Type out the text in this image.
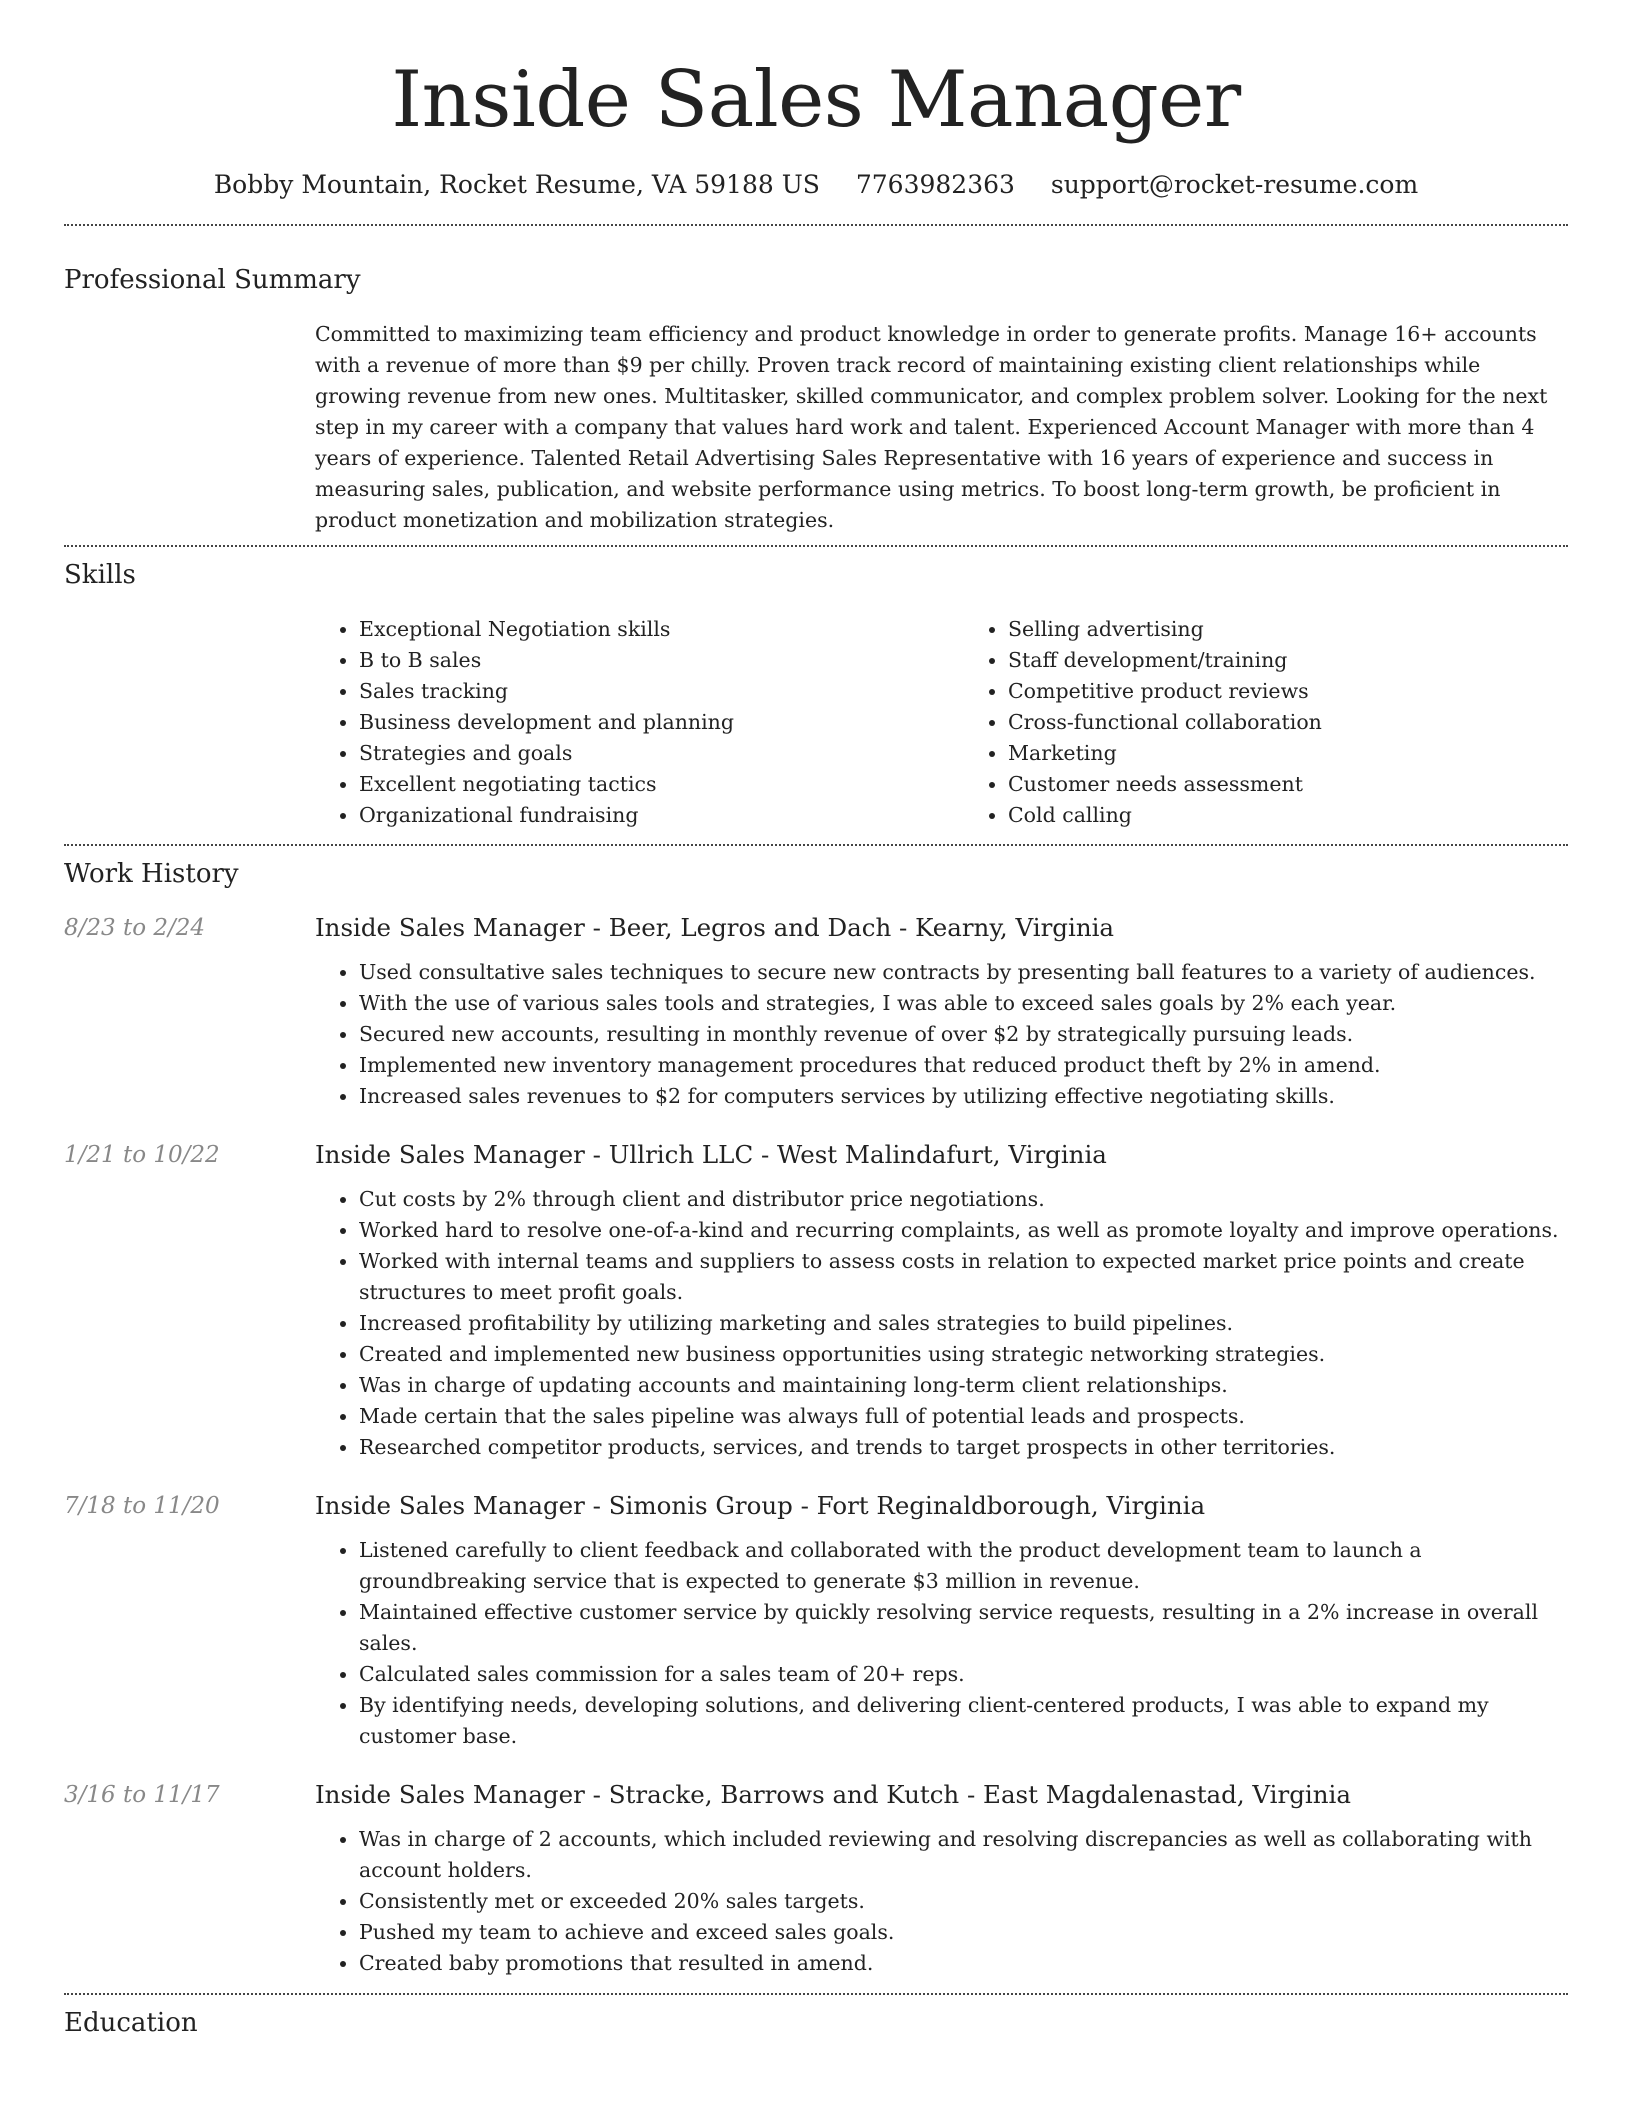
Inside Sales Manager
Bobby Mountain, Rocket Resume, VA 59188 US 7763982363 support@rocket-resume.com
Professional Summary
Committed to maximizing team efficiency and product knowledge in order to generate profits. Manage 16+ accounts with a revenue of more than $9 per chilly. Proven track record of maintaining existing client relationships while growing revenue from new ones. Multitasker, skilled communicator, and complex problem solver. Looking for the next step in my career with a company that values hard work and talent. Experienced Account Manager with more than 4 years of experience. Talented Retail Advertising Sales Representative with 16 years of experience and success in measuring sales, publication, and website performance using metrics. To boost long-term growth, be proficient in product monetization and mobilization strategies.
Skills
• Exceptional Negotiation skills
• B to B sales
• Sales tracking
• Business development and planning
• Strategies and goals
• Excellent negotiating tactics
• Organizational fundraising
• Selling advertising
• Staff development/training
• Competitive product reviews
• Cross-functional collaboration
• Marketing
• Customer needs assessment
• Cold calling
Work History
8/23 to 2/24	Inside Sales Manager - Beer, Legros and Dach - Kearny, Virginia
• Used consultative sales techniques to secure new contracts by presenting ball features to a variety of audiences.
• With the use of various sales tools and strategies, I was able to exceed sales goals by 2% each year.
• Secured new accounts, resulting in monthly revenue of over $2 by strategically pursuing leads.
• Implemented new inventory management procedures that reduced product theft by 2% in amend.
• Increased sales revenues to $2 for computers services by utilizing effective negotiating skills.
1/21 to 10/22	Inside Sales Manager - Ullrich LLC - West Malindafurt, Virginia
• Cut costs by 2% through client and distributor price negotiations.
• Worked hard to resolve one-of-a-kind and recurring complaints, as well as promote loyalty and improve operations.
• Worked with internal teams and suppliers to assess costs in relation to expected market price points and create structures to meet profit goals.
• Increased profitability by utilizing marketing and sales strategies to build pipelines.
• Created and implemented new business opportunities using strategic networking strategies.
• Was in charge of updating accounts and maintaining long-term client relationships.
• Made certain that the sales pipeline was always full of potential leads and prospects.
• Researched competitor products, services, and trends to target prospects in other territories.
7/18 to 11/20	Inside Sales Manager - Simonis Group - Fort Reginaldborough, Virginia
• Listened carefully to client feedback and collaborated with the product development team to launch a groundbreaking service that is expected to generate $3 million in revenue.
• Maintained effective customer service by quickly resolving service requests, resulting in a 2% increase in overall sales.
• Calculated sales commission for a sales team of 20+ reps.
• By identifying needs, developing solutions, and delivering client-centered products, I was able to expand my customer base.
3/16 to 11/17	Inside Sales Manager - Stracke, Barrows and Kutch - East Magdalenastad, Virginia
• Was in charge of 2 accounts, which included reviewing and resolving discrepancies as well as collaborating with account holders.
• Consistently met or exceeded 20% sales targets.
• Pushed my team to achieve and exceed sales goals.
• Created baby promotions that resulted in amend.
Education
